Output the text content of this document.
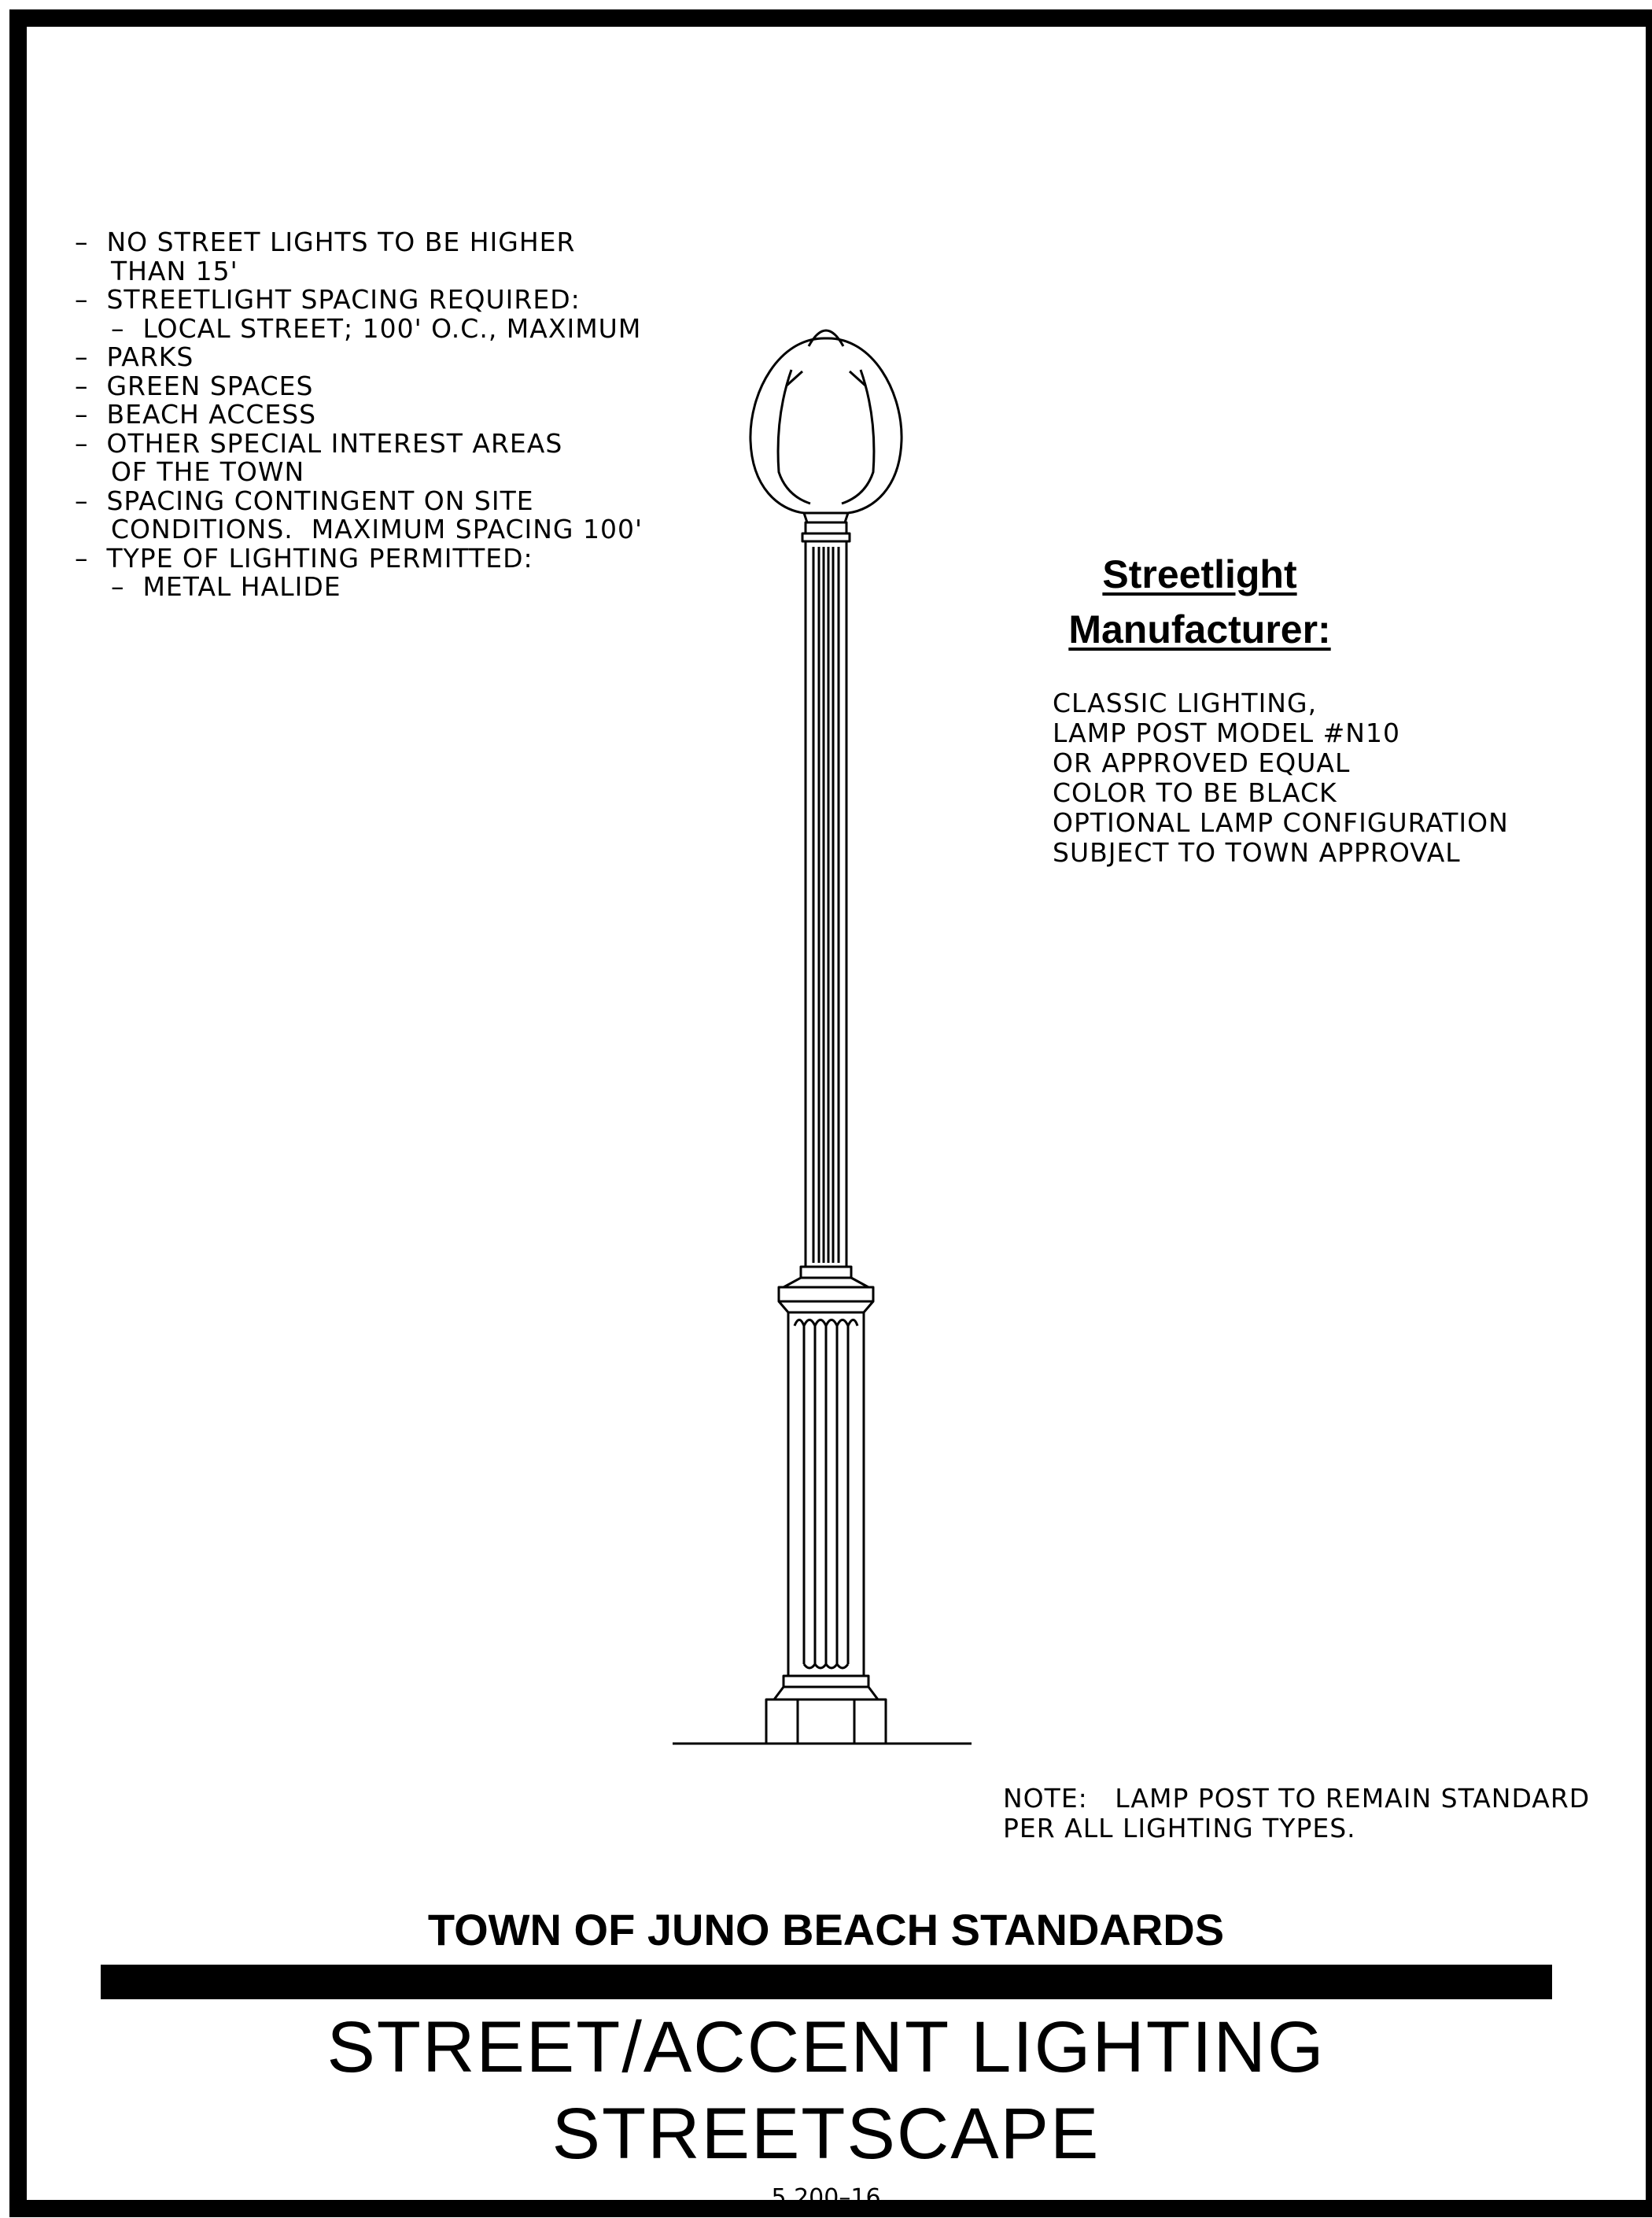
–  NO STREET LIGHTS TO BE HIGHER
THAN 15'
–  STREETLIGHT SPACING REQUIRED:
–  LOCAL STREET; 100' O.C., MAXIMUM
–  PARKS
–  GREEN SPACES
–  BEACH ACCESS
–  OTHER SPECIAL INTEREST AREAS
OF THE TOWN
–  SPACING CONTINGENT ON SITE
CONDITIONS.  MAXIMUM SPACING 100'
–  TYPE OF LIGHTING PERMITTED:
–  METAL HALIDE	Streetlight
Manufacturer:
CLASSIC LIGHTING,
LAMP POST MODEL #N10
OR APPROVED EQUAL
COLOR TO BE BLACK
OPTIONAL LAMP CONFIGURATION
SUBJECT TO TOWN APPROVAL
NOTE:   LAMP POST TO REMAIN STANDARD
PER ALL LIGHTING TYPES.
TOWN OF JUNO BEACH STANDARDS
STREET/ACCENT LIGHTING
STREETSCAPE
5.200–16
